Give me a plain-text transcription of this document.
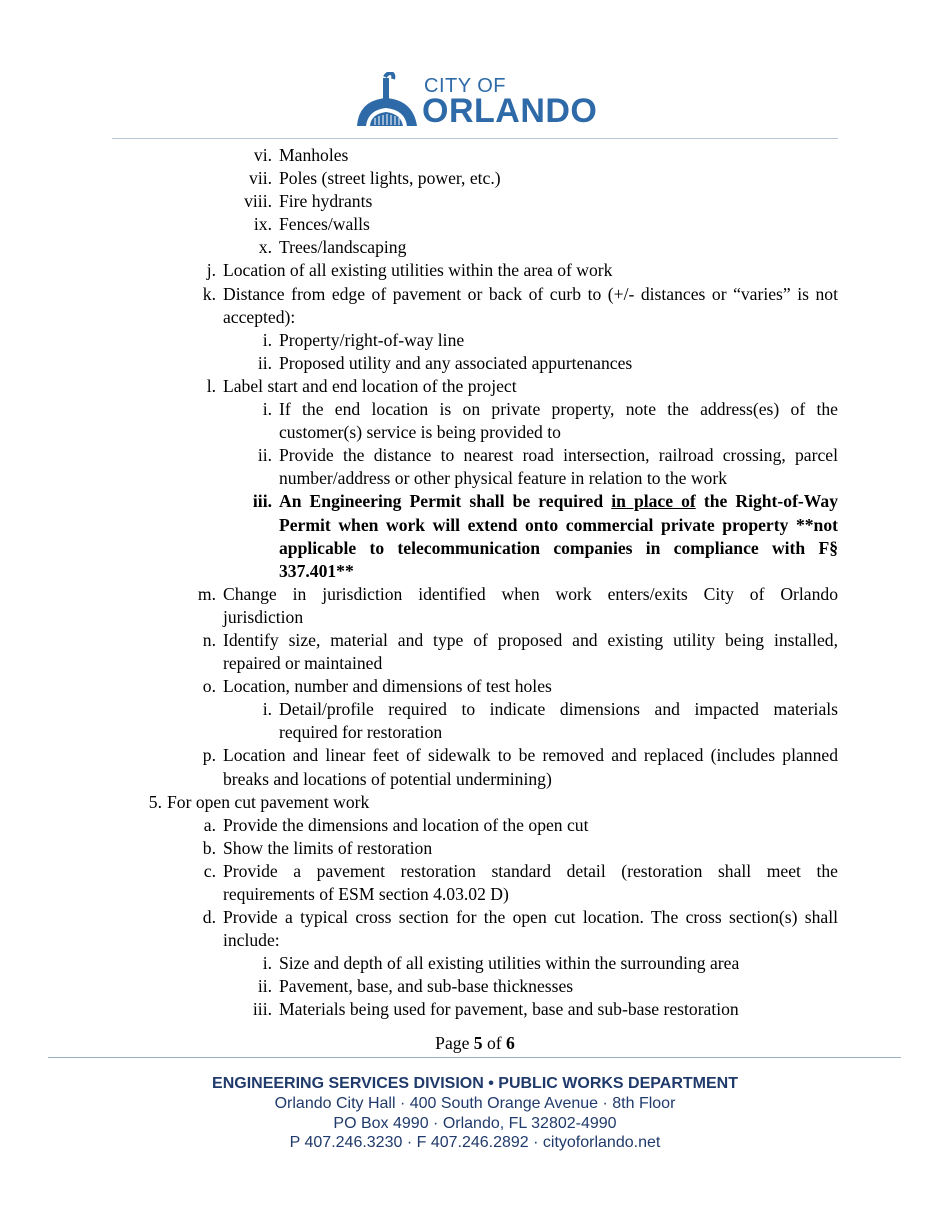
CITY OF
ORLANDO
vi. Manholes
vii. Poles (street lights, power, etc.)
viii. Fire hydrants
ix. Fences/walls
x. Trees/landscaping
j. Location of all existing utilities within the area of work
k. Distance from edge of pavement or back of curb to (+/- distances or “varies” is not
accepted):
i. Property/right-of-way line
ii. Proposed utility and any associated appurtenances
l. Label start and end location of the project
i. If the end location is on private property, note the address(es) of the
customer(s) service is being provided to
ii. Provide the distance to nearest road intersection, railroad crossing, parcel
number/address or other physical feature in relation to the work
iii. An Engineering Permit shall be required in place of the Right-of-Way
Permit when work will extend onto commercial private property **not
applicable to telecommunication companies in compliance with F§
337.401**
m. Change in jurisdiction identified when work enters/exits City of Orlando
jurisdiction
n. Identify size, material and type of proposed and existing utility being installed,
repaired or maintained
o. Location, number and dimensions of test holes
i. Detail/profile required to indicate dimensions and impacted materials
required for restoration
p. Location and linear feet of sidewalk to be removed and replaced (includes planned
breaks and locations of potential undermining)
5. For open cut pavement work
a. Provide the dimensions and location of the open cut
b. Show the limits of restoration
c. Provide a pavement restoration standard detail (restoration shall meet the
requirements of ESM section 4.03.02 D)
d. Provide a typical cross section for the open cut location. The cross section(s) shall
include:
i. Size and depth of all existing utilities within the surrounding area
ii. Pavement, base, and sub-base thicknesses
iii. Materials being used for pavement, base and sub-base restoration
Page 5 of 6
ENGINEERING SERVICES DIVISION • PUBLIC WORKS DEPARTMENT
Orlando City Hall · 400 South Orange Avenue · 8th Floor
PO Box 4990 · Orlando, FL 32802-4990
P 407.246.3230 · F 407.246.2892 · cityoforlando.net
